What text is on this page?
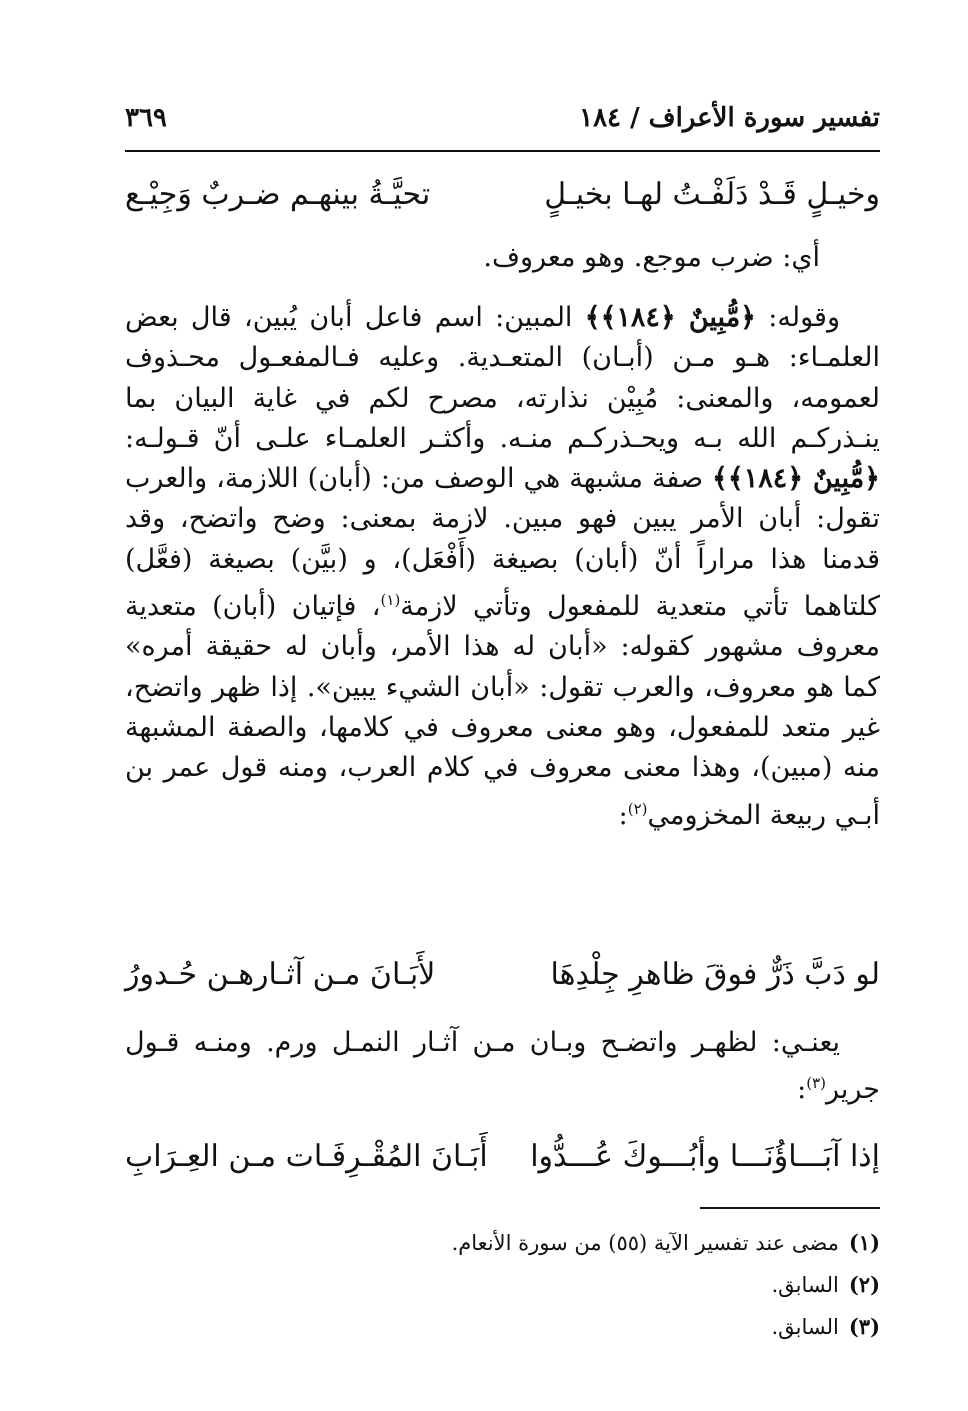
تفسير سورة الأعراف / ١٨٤
٣٦٩
وخيـلٍ قَـدْ دَلَفْـتُ لهـا بخيـلٍ
تحيَّـةُ بينهـم ضـربٌ وَجِيْـع
أي: ضرب موجع. وهو معروف.

وقوله: ﴿مُّبِينٌ ﴿١٨٤﴾﴾ المبين: اسم فاعل أبان يُبين، قال بعض العلمـاء: هـو مـن (أبـان) المتعـدية. وعليه فـالمفعـول محـذوف لعمومه، والمعنى: مُبِيْن نذارته، مصرح لكم في غاية البيان بما ينـذركـم الله بـه ويحـذركـم منـه. وأكثـر العلمـاء علـى أنّ قـولـه: ﴿مُّبِينٌ ﴿١٨٤﴾﴾ صفة مشبهة هي الوصف من: (أبان) اللازمة، والعرب تقول: أبان الأمر يبين فهو مبين. لازمة بمعنى: وضح واتضح، وقد قدمنا هذا مراراً أنّ (أبان) بصيغة (أَفْعَل)، و (بيَّن) بصيغة (فعَّل) كلتاهما تأتي متعدية للمفعول وتأتي لازمة$^{(١)}$، فإتيان (أبان) متعدية معروف مشهور كقوله: «أبان له هذا الأمر، وأبان له حقيقة أمره» كما هو معروف، والعرب تقول: «أبان الشيء يبين». إذا ظهر واتضح، غير متعد للمفعول، وهو معنى معروف في كلامها، والصفة المشبهة منه (مبين)، وهذا معنى معروف في كلام العرب، ومنه قول عمر بن أبـي ربيعة المخزومي$^{(٢)}$:

لو دَبَّ ذَرٌّ فوقَ ظاهرِ جِلْدِهَا
لأَبَـانَ مـن آثـارهـن حُـدورُ

يعنـي: لظهـر واتضـح وبـان مـن آثـار النمـل ورم. ومنـه قـول جرير$^{(٣)}$:

إذا آبَـــاؤُنَـــا وأبُـــوكَ عُـــدُّوا
أَبَـانَ المُقْـرِفَـات مـن العِـرَابِ
(١)مضى عند تفسير الآية (٥٥) من سورة الأنعام.
(٢)السابق.
(٣)السابق.
